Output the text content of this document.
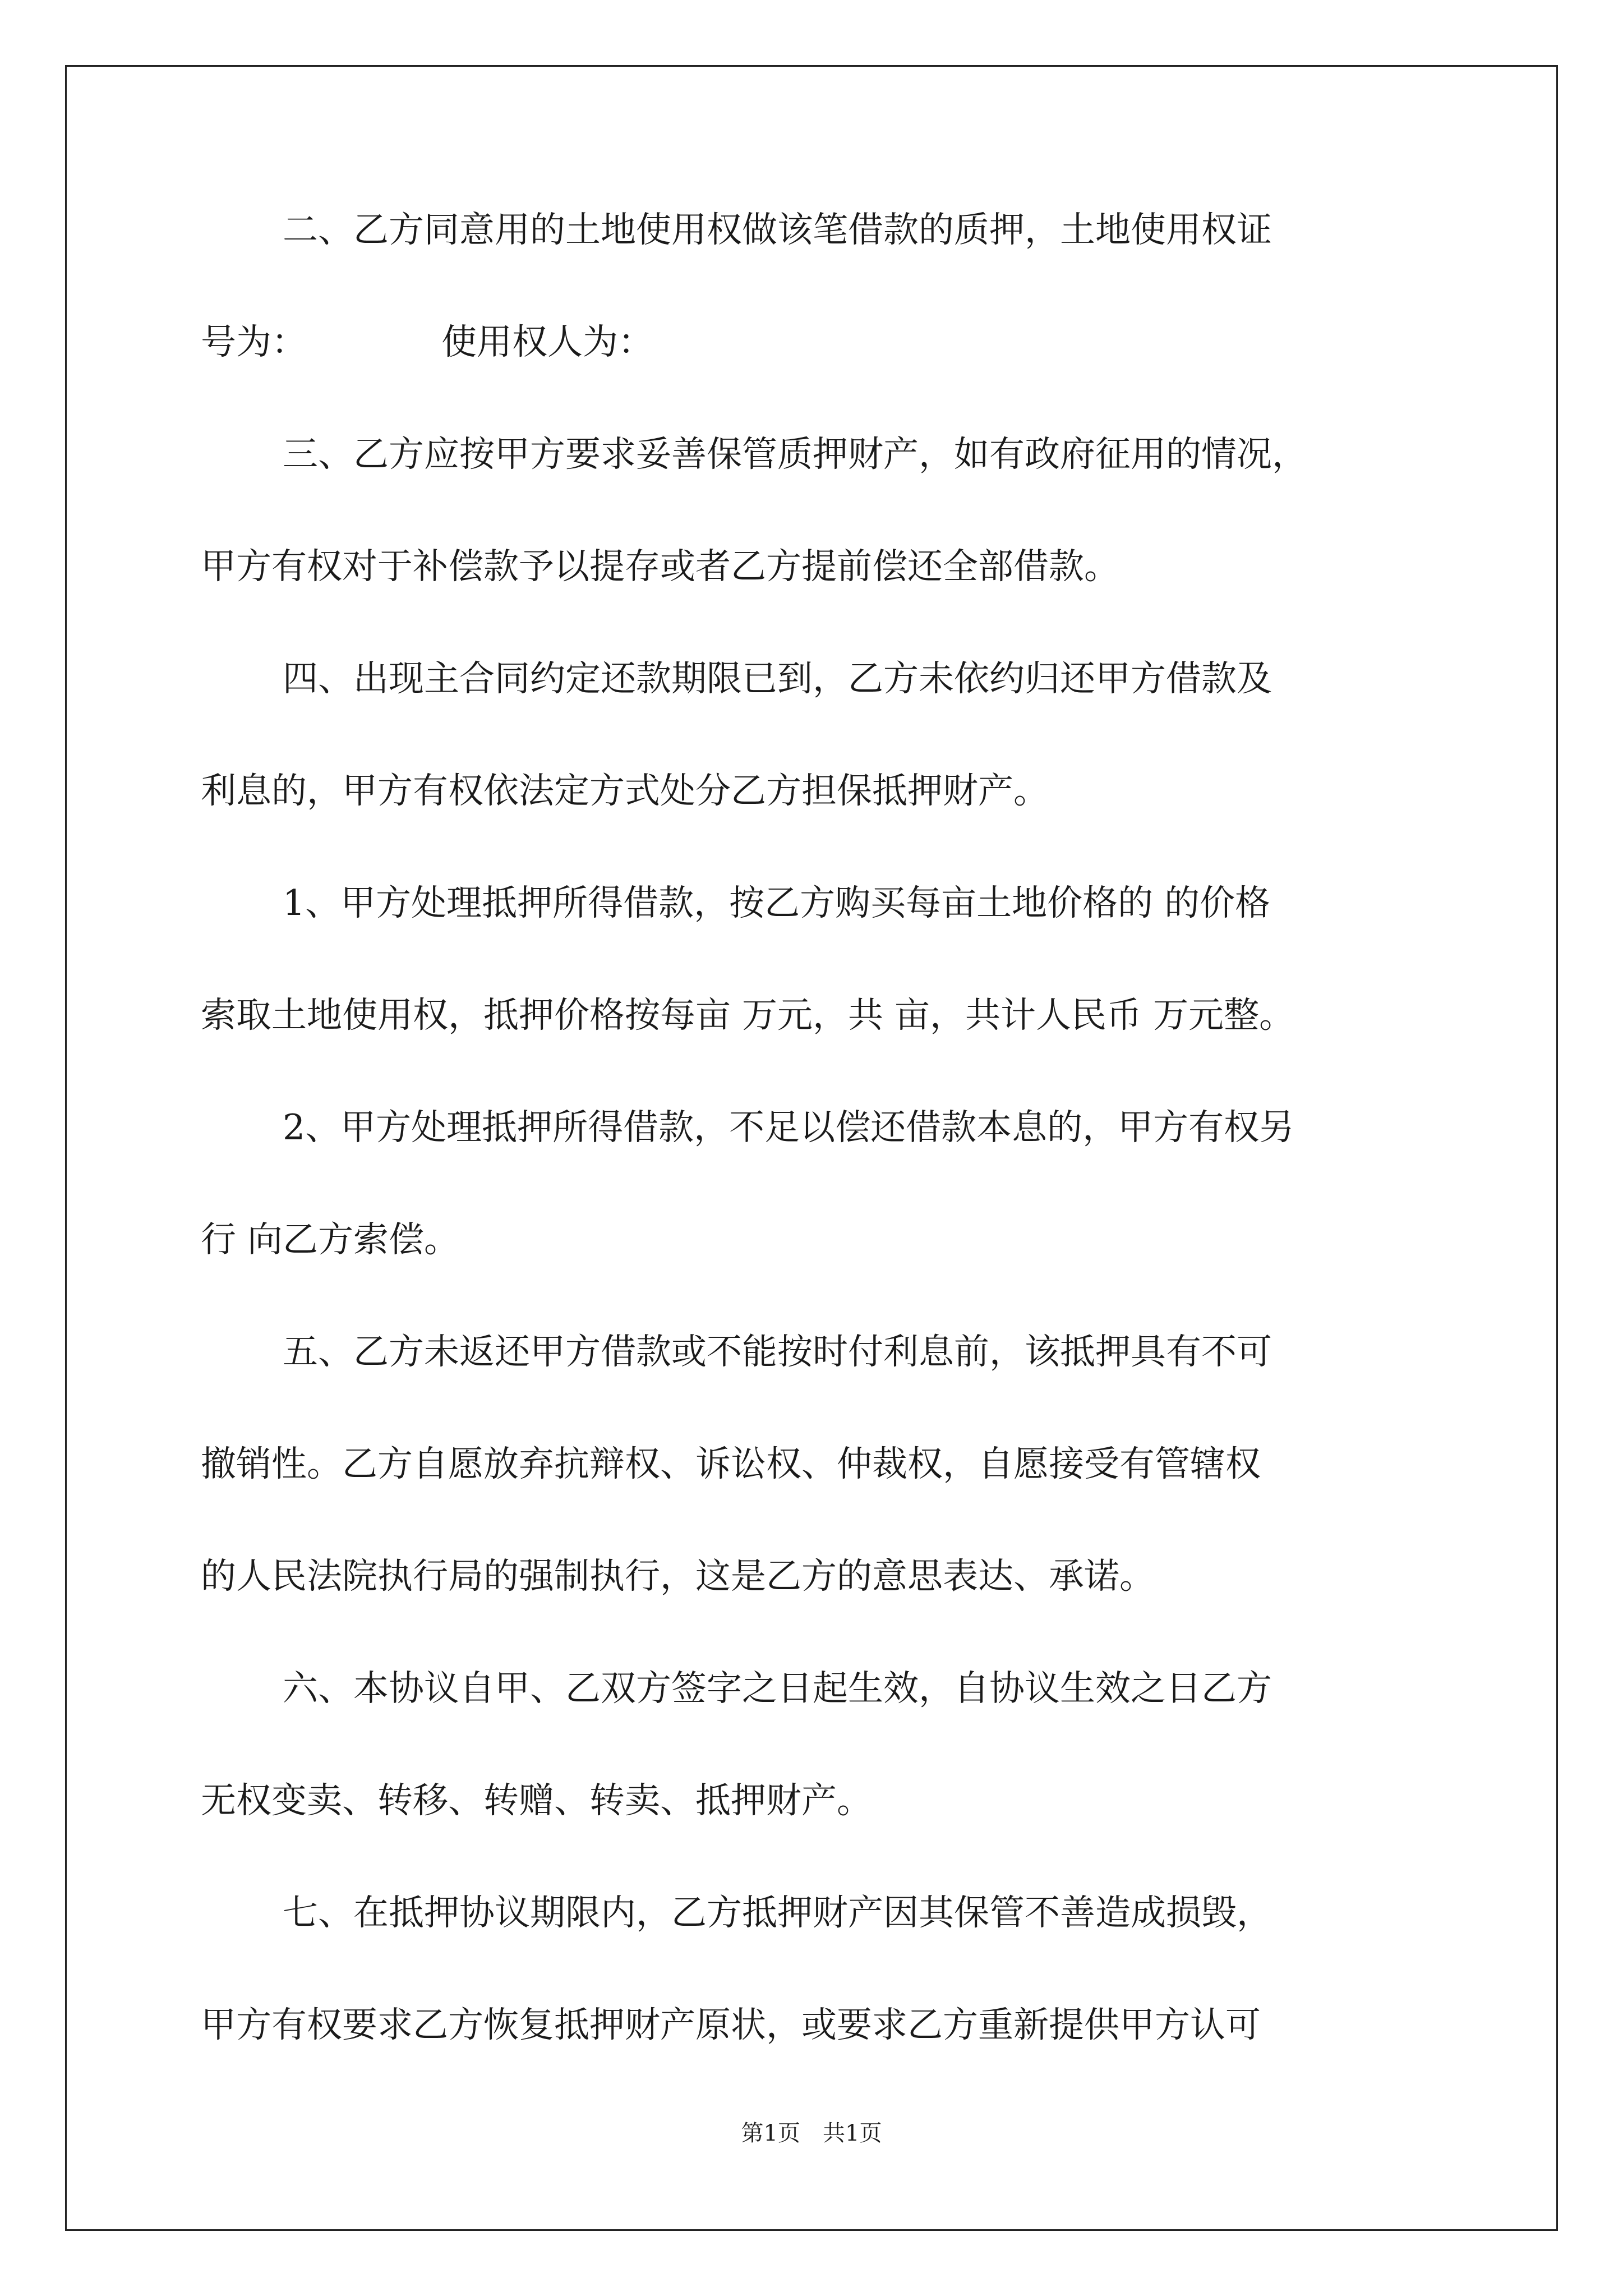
二、乙方同意用的土地使用权做该笔借款的质押，土地使用权证
号为：	使用权人为：
三、乙方应按甲方要求妥善保管质押财产，如有政府征用的情况，
甲方有权对于补偿款予以提存或者乙方提前偿还全部借款。
四、出现主合同约定还款期限已到，乙方未依约归还甲方借款及
利息的，甲方有权依法定方式处分乙方担保抵押财产。
1、甲方处理抵押所得借款，按乙方购买每亩土地价格的 的价格
索取土地使用权，抵押价格按每亩 万元，共 亩，共计人民币 万元整。
2、甲方处理抵押所得借款，不足以偿还借款本息的，甲方有权另
行 向乙方索偿。
五、乙方未返还甲方借款或不能按时付利息前，该抵押具有不可
撤销性。乙方自愿放弃抗辩权、诉讼权、仲裁权，自愿接受有管辖权
的人民法院执行局的强制执行，这是乙方的意思表达、承诺。
六、本协议自甲、乙双方签字之日起生效，自协议生效之日乙方
无权变卖、转移、转赠、转卖、抵押财产。
七、在抵押协议期限内，乙方抵押财产因其保管不善造成损毁，
甲方有权要求乙方恢复抵押财产原状，或要求乙方重新提供甲方认可
第1页 共1页
